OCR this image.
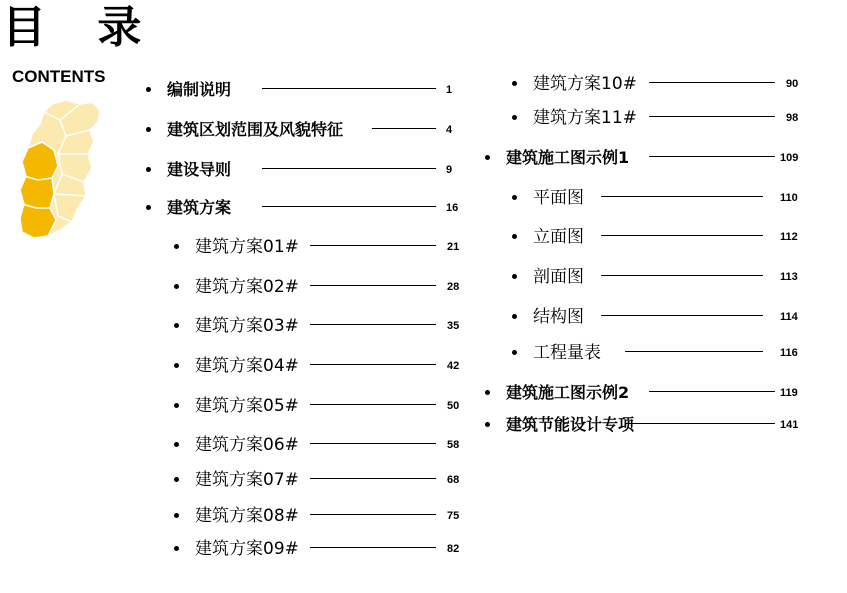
目 录
CONTENTS
编制说明	1
建筑区划范围及风貌特征	4
建设导则	9
建筑方案	16
建筑方案01#	21
建筑方案02#	28
建筑方案03#	35
建筑方案04#	42
建筑方案05#	50
建筑方案06#	58
建筑方案07#	68
建筑方案08#	75
建筑方案09#	82
建筑方案10#	90
建筑方案11#	98
建筑施工图示例1	109
平面图	110
立面图	112
剖面图	113
结构图	114
工程量表	116
建筑施工图示例2	119
建筑节能设计专项	141
